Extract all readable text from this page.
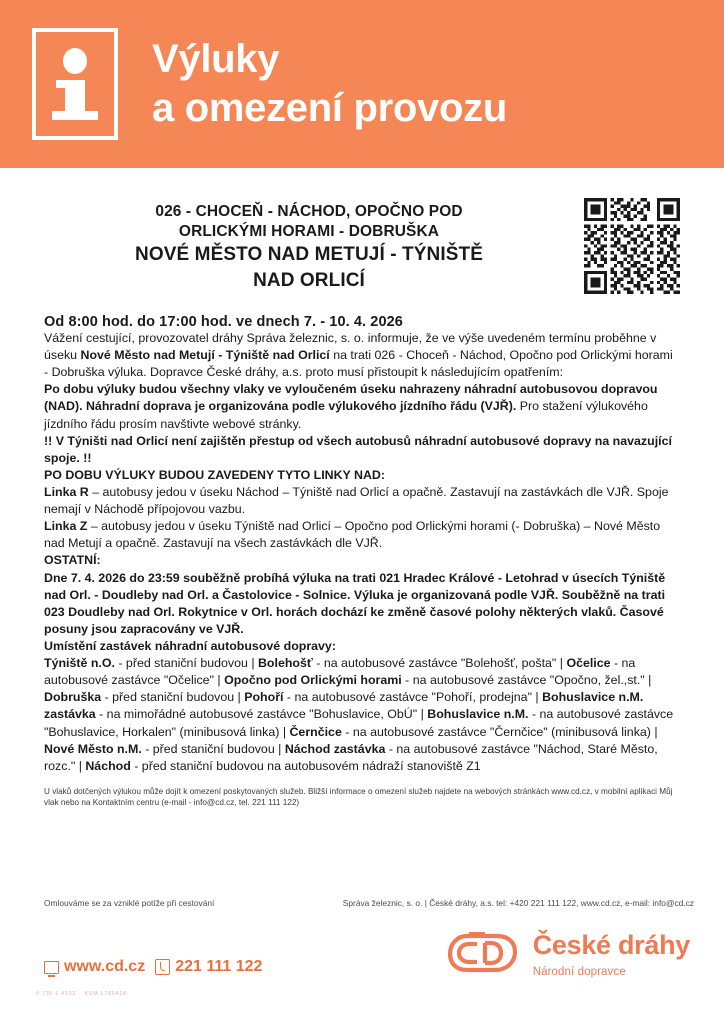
Výluky
a omezení provozu
026 - CHOCEŇ - NÁCHOD, OPOČNO POD
ORLICKÝMI HORAMI - DOBRUŠKA
NOVÉ MĚSTO NAD METUJÍ - TÝNIŠTĚ
NAD ORLICÍ
Od 8:00 hod. do 17:00 hod. ve dnech 7. - 10. 4. 2026

Vážení cestující, provozovatel dráhy Správa železnic, s. o. informuje, že ve výše uvedeném termínu proběhne v úseku Nové Město nad Metují - Týniště nad Orlicí na trati 026 - Choceň - Náchod, Opočno pod Orlickými horami - Dobruška výluka. Dopravce České dráhy, a.s. proto musí přistoupit k následujícím opatřením:

Po dobu výluky budou všechny vlaky ve vyloučeném úseku nahrazeny náhradní autobusovou dopravou (NAD). Náhradní doprava je organizována podle výlukového jízdního řádu (VJŘ). Pro stažení výlukového jízdního řádu prosím navštivte webové stránky.
!! V Týništi nad Orlicí není zajištěn přestup od všech autobusů náhradní autobusové dopravy na navazující spoje. !!

PO DOBU VÝLUKY BUDOU ZAVEDENY TYTO LINKY NAD:
Linka R – autobusy jedou v úseku Náchod – Týniště nad Orlicí a opačně. Zastavují na zastávkách dle VJŘ. Spoje nemají v Náchodě přípojovou vazbu.
Linka Z – autobusy jedou v úseku Týniště nad Orlicí – Opočno pod Orlickými horami (- Dobruška) – Nové Město nad Metují a opačně. Zastavují na všech zastávkách dle VJŘ.
OSTATNÍ:
Dne 7. 4. 2026 do 23:59 souběžně probíhá výluka na trati 021 Hradec Králové - Letohrad v úsecích Týniště nad Orl. - Doudleby nad Orl. a Častolovice - Solnice. Výluka je organizovaná podle VJŘ. Souběžně na trati 023 Doudleby nad Orl. Rokytnice v Orl. horách dochází ke změně časové polohy některých vlaků. Časové posuny jsou zapracovány ve VJŘ.
Umístění zastávek náhradní autobusové dopravy:
Týniště n.O. - před staniční budovou | Bolehošť - na autobusové zastávce "Bolehošť, pošta" | Očelice - na autobusové zastávce "Očelice" | Opočno pod Orlickými horami - na autobusové zastávce "Opočno, žel.,st." | Dobruška - před staniční budovou | Pohoří - na autobusové zastávce "Pohoří, prodejna" | Bohuslavice n.M. zastávka - na mimořádné autobusové zastávce "Bohuslavice, ObÚ" | Bohuslavice n.M. - na autobusové zastávce "Bohuslavice, Horkalen" (minibusová linka) | Černčice - na autobusové zastávce "Černčice" (minibusová linka) | Nové Město n.M. - před staniční budovou | Náchod zastávka - na autobusové zastávce "Náchod, Staré Město, rozc." | Náchod - před staniční budovou na autobusovém nádraží stanoviště Z1
U vlaků dotčených výlukou může dojít k omezení poskytovaných služeb. Bližší informace o omezení služeb najdete na webových stránkách www.cd.cz, v mobilní aplikaci Můj vlak nebo na Kontaktním centru (e-mail - info@cd.cz, tel. 221 111 122)
Omlouváme se za vzniklé potíže při cestování	Správa železnic, s. o. | České dráhy, a.s. tel: +420 221 111 122, www.cd.cz, e-mail: info@cd.cz
www.cd.cz 221 111 122
0 735 1 4102    KSM L765418
České dráhy
Národní dopravce
